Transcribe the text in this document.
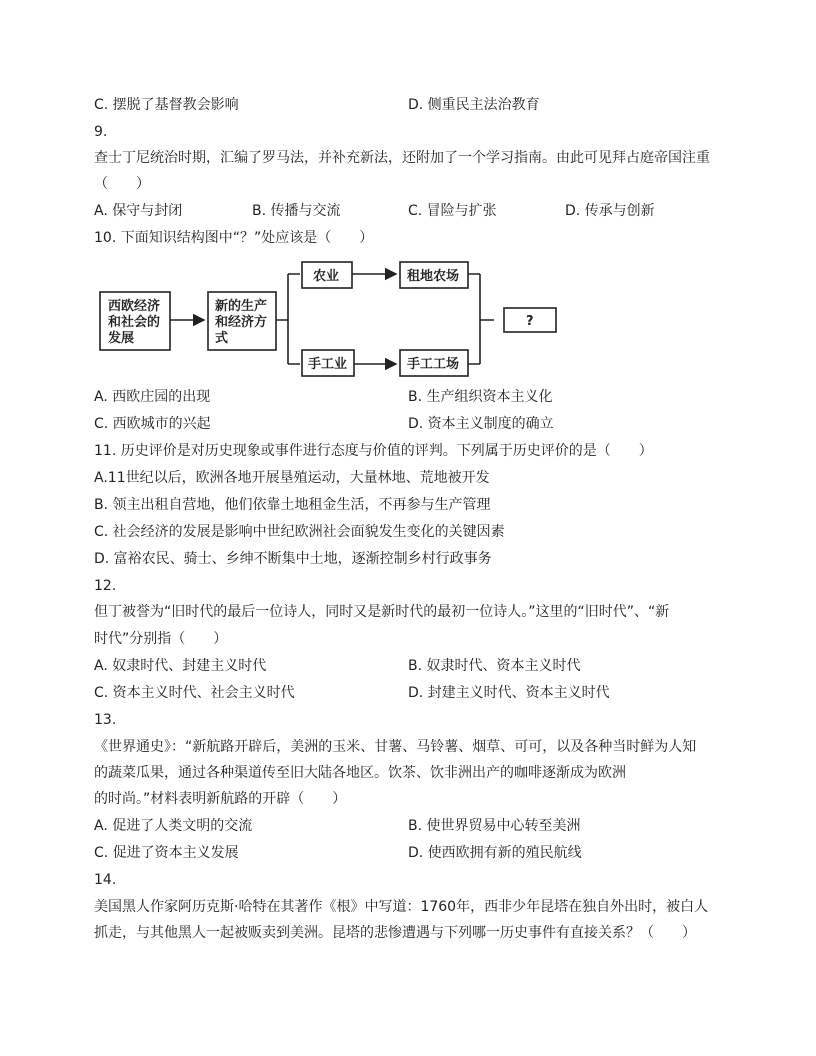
C. 摆脱了基督教会影响	D. 侧重民主法治教育
9.
查士丁尼统治时期，汇编了罗马法，并补充新法，还附加了一个学习指南。由此可见拜占庭帝国注重
（　　）
A. 保守与封闭	B. 传播与交流	C. 冒险与扩张	D. 传承与创新
10. 下面知识结构图中“？”处应该是（　　）
西欧经济
和社会的
发展
新的生产
和经济方
式
农业	租地农场
手工业	手工工场
?
A. 西欧庄园的出现	B. 生产组织资本主义化
C. 西欧城市的兴起	D. 资本主义制度的确立
11. 历史评价是对历史现象或事件进行态度与价值的评判。下列属于历史评价的是（　　）
A.11世纪以后，欧洲各地开展垦殖运动，大量林地、荒地被开发
B. 领主出租自营地，他们依靠土地租金生活，不再参与生产管理
C. 社会经济的发展是影响中世纪欧洲社会面貌发生变化的关键因素
D. 富裕农民、骑士、乡绅不断集中土地，逐渐控制乡村行政事务
12.
但丁被誉为“旧时代的最后一位诗人，同时又是新时代的最初一位诗人。”这里的“旧时代”、“新
时代”分别指（　　）
A. 奴隶时代、封建主义时代	B. 奴隶时代、资本主义时代
C. 资本主义时代、社会主义时代	D. 封建主义时代、资本主义时代
13.
《世界通史》：“新航路开辟后，美洲的玉米、甘薯、马铃薯、烟草、可可，以及各种当时鲜为人知
的蔬菜瓜果，通过各种渠道传至旧大陆各地区。饮茶、饮非洲出产的咖啡逐渐成为欧洲
的时尚。”材料表明新航路的开辟（　　）
A. 促进了人类文明的交流	B. 使世界贸易中心转至美洲
C. 促进了资本主义发展	D. 使西欧拥有新的殖民航线
14.
美国黑人作家阿历克斯·哈特在其著作《根》中写道：1760年，西非少年昆塔在独自外出时，被白人
抓走，与其他黑人一起被贩卖到美洲。昆塔的悲惨遭遇与下列哪一历史事件有直接关系？（　　）
